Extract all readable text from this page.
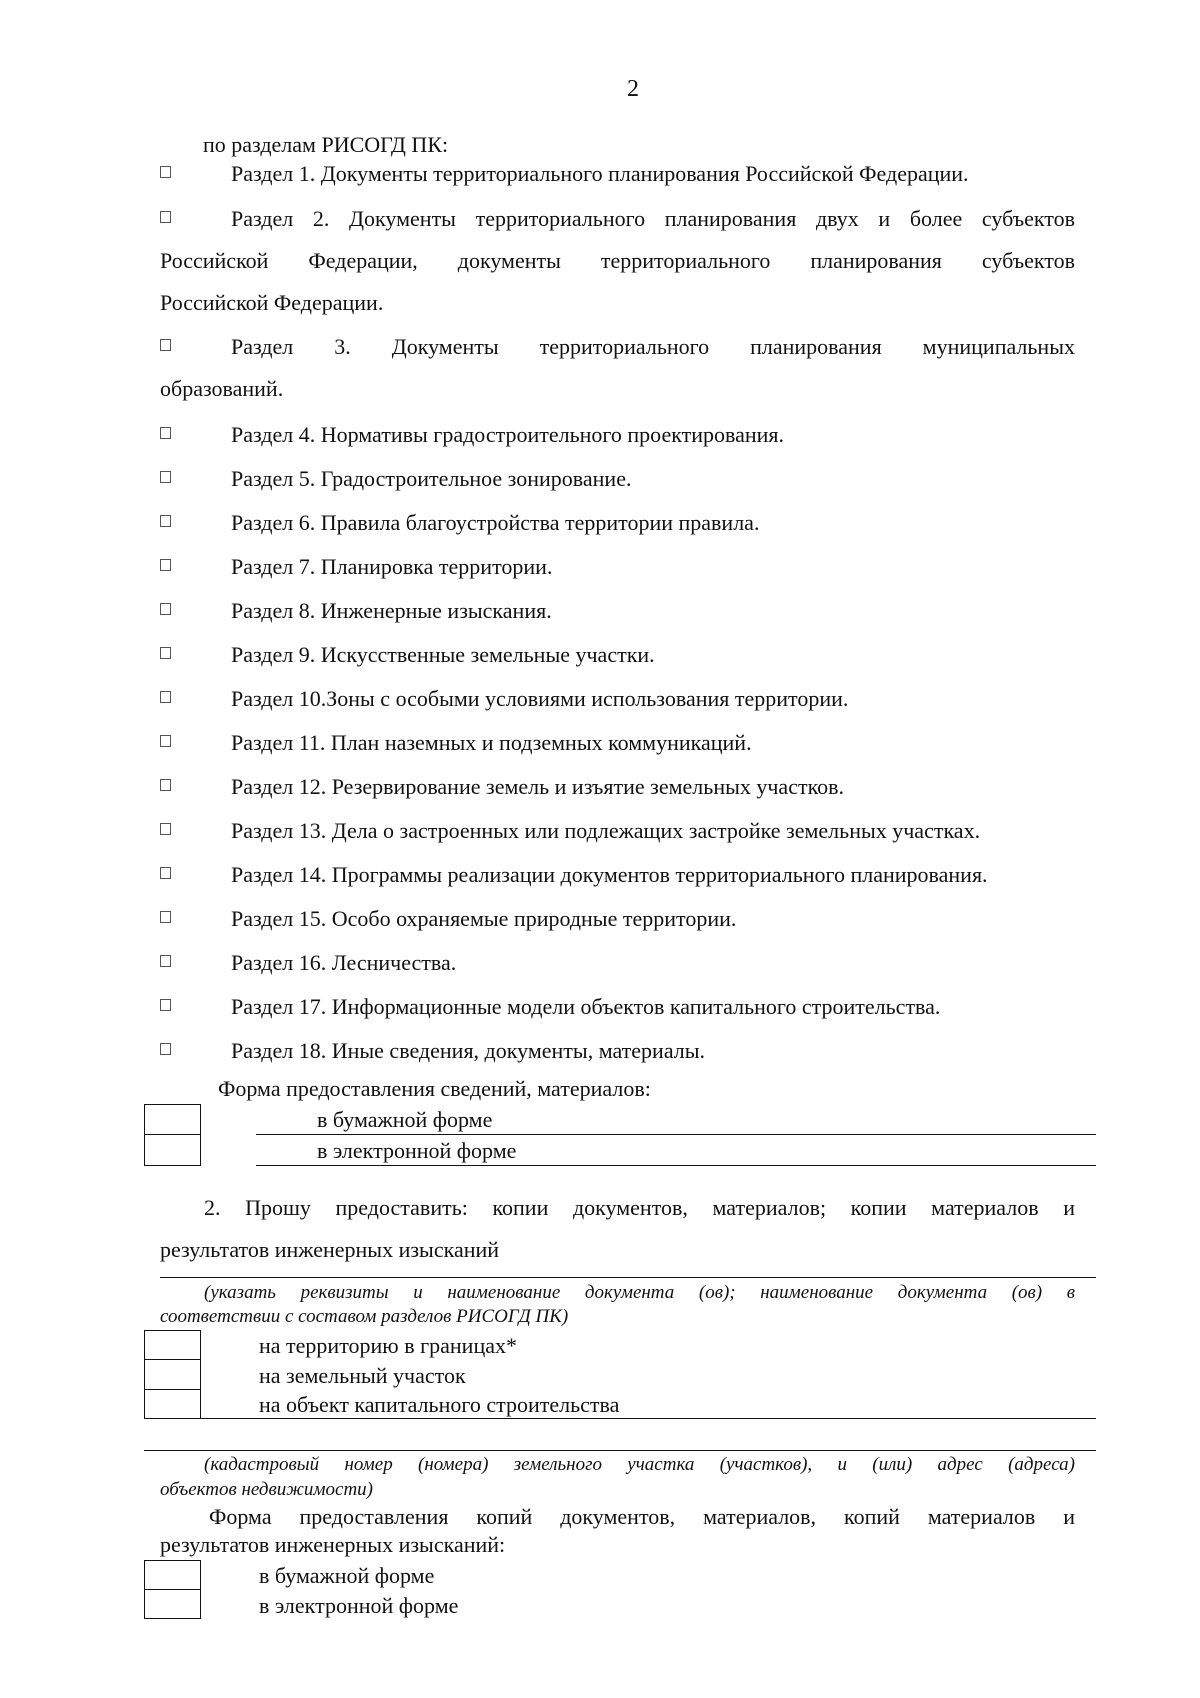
2
по разделам РИСОГД ПК:
Раздел 1. Документы территориального планирования Российской Федерации.
Раздел 2. Документы территориального планирования двух и более субъектов
Российской Федерации, документы территориального планирования субъектов
Российской Федерации.
Раздел 3. Документы территориального планирования муниципальных
образований.
Раздел 4. Нормативы градостроительного проектирования.
Раздел 5. Градостроительное зонирование.
Раздел 6. Правила благоустройства территории правила.
Раздел 7. Планировка территории.
Раздел 8. Инженерные изыскания.
Раздел 9. Искусственные земельные участки.
Раздел 10.Зоны с особыми условиями использования территории.
Раздел 11. План наземных и подземных коммуникаций.
Раздел 12. Резервирование земель и изъятие земельных участков.
Раздел 13. Дела о застроенных или подлежащих застройке земельных участках.
Раздел 14. Программы реализации документов территориального планирования.
Раздел 15. Особо охраняемые природные территории.
Раздел 16. Лесничества.
Раздел 17. Информационные модели объектов капитального строительства.
Раздел 18. Иные сведения, документы, материалы.
Форма предоставления сведений, материалов:
в бумажной форме
в электронной форме
2. Прошу предоставить: копии документов, материалов; копии материалов и
результатов инженерных изысканий
(указать реквизиты и наименование документа (ов); наименование документа (ов) в
соответствии с составом разделов РИСОГД ПК)
на территорию в границах*
на земельный участок
на объект капитального строительства
(кадастровый номер (номера) земельного участка (участков), и (или) адрес (адреса)
объектов недвижимости)
Форма предоставления копий документов, материалов, копий материалов и
результатов инженерных изысканий:
в бумажной форме
в электронной форме
